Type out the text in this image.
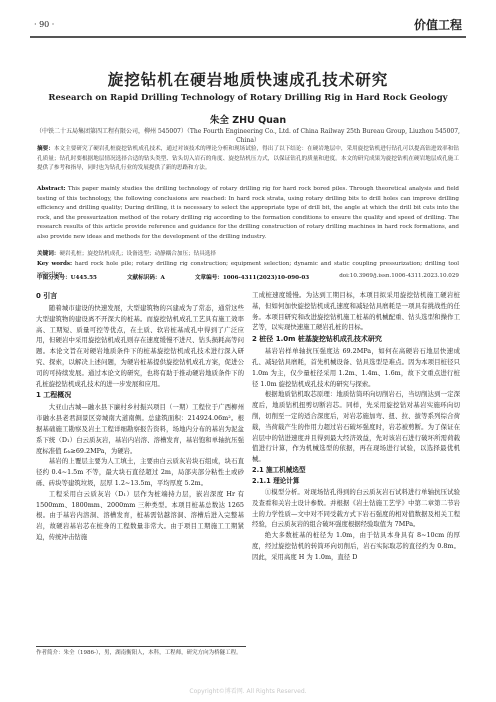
· 90 ·	价值工程
旋挖钻机在硬岩地质快速成孔技术研究
Research on Rapid Drilling Technology of Rotary Drilling Rig in Hard Rock Geology
朱全 ZHU Quan
（中铁二十五局集团第四工程有限公司，柳州 545007）（The Fourth Engineering Co., Ltd. of China Railway 25th Bureau Group, Liuzhou 545007, China）
摘要：本文主要研究了硬岩孔桩旋挖钻机成孔技术，通过对该技术的理论分析和现场试验，得出了以下结论：在硬岩地层中，采用旋挖钻机进行钻孔可以提高钻进效率和钻孔质量；钻孔时要根据地层情况选择合适的钻头类型、钻头切入岩石的角度、旋挖钻机压力式，以保证钻孔的质量和进度。本文的研究成果为旋挖钻机在硬岩地层成孔施工提供了参考和指导，同时也为钻孔行业的发展提供了新的思路和方法。
Abstract: This paper mainly studies the drilling technology of rotary drilling rig for hard rock bored piles. Through theoretical analysis and field testing of this technology, the following conclusions are reached: In hard rock strata, using rotary drilling bits to drill holes can improve drilling efficiency and drilling quality; During drilling, it is necessary to select the appropriate type of drill bit, the angle at which the drill bit cuts into the rock, and the pressurization method of the rotary drilling rig according to the formation conditions to ensure the quality and speed of drilling. The research results of this article provide reference and guidance for the drilling construction of rotary drilling machines in hard rock formations, and also provide new ideas and methods for the development of the drilling industry.
关键词：硬岩孔桩；旋挖钻机成孔；设备选型；动静耦合加压；钻具选择
Key words: hard rock hole pile; rotary drilling rig construction; equipment selection; dynamic and static coupling pressurization; drilling tool selection
中图分类号：U445.55	文献标识码：A	文章编号：1006-4311(2023)10-090-03	doi:10.3969/j.issn.1006-4311.2023.10.029
0 引言

随着城市建设的快速发展，大型建筑物的兴建成为了常态，通常这些大型建筑物的建设离不开深大的桩基。而旋挖钻机成孔工艺具有施工效率高、工期短、质量可控等优点，在土质、软岩桩基成孔中得到了广泛应用，但硬岩中采用旋挖钻机成孔则存在速度缓慢不进尺、钻头损耗高等问题。本论文旨在对硬岩地质条件下的桩基旋挖钻机成孔技术进行深入研究、探索，以解决上述问题，为硬岩桩基提供旋挖钻机成孔方案，促进公司的可持续发展。通过本论文的研究，也将有助于推动硬岩地质条件下的孔桩旋挖钻机成孔技术的进一步发展和应用。

1 工程概况

大亚山古城—融水县下廉村乡村振兴项目（一期）工程位于广西柳州市融水县老君洞景区旁城南大道南侧。总建筑面积：214924.06m²。根据基础施工勘察及岩土工程详细勘察报告资料，场地内分布的基岩为泥盆系下统（D₁）白云质灰岩，基岩内岩溶、溶槽发育，基岩饱和单轴抗压强度标准值 fᵣₖ≥69.2MPa，为硬岩。

基岩的上覆层主要为人工填土，主要由白云质灰岩块石组成，块石直径约 0.4~1.5m 不等，最大块石直径超过 2m，局部夹部分粘性土或砂砾、砖块等建筑垃圾，层厚 1.2~13.5m，平均厚度 5.2m。

工程采用白云质灰岩（D₁）层作为桩端持力层，嵌岩深度 Hr 有 1500mm、1800mm、2000mm 三种类型。本项目桩基总数达 1265 根。由于基岩内溶洞、溶槽发育，桩基需钻越溶洞、溶槽后进入完整基岩，故硬岩基岩芯在桩身的工程数量非常大。由于项目工期施工工期紧迫，传统冲击钻施

工成桩速度缓慢。为达到工期目标，本项目拟采用旋挖钻机施工硬岩桩基，但如何加快旋挖钻机成孔速度和减轻钻具磨耗是一项具有挑战性的任务。本项目研究和改进旋挖钻机施工桩基的机械配重、钻头选型和操作工艺等，以实现快速施工硬岩孔桩的目标。

2 桩径 1.0m 桩基旋挖钻机成孔技术研究

基岩岩样单轴抗压强度达 69.2MPa，如何在高硬岩石地层快速成孔、减轻钻具磨耗，首先机械设备、钻具选型是难点。因为本项目桩径只 1.0m 为主，仅少量桩径采用 1.2m、1.4m、1.6m，故下文重点进行桩径 1.0m 旋挖钻机成孔技术的研究与探索。

根据地质钻机取芯原理：地质钻筒环向切削岩石，当切削达到一定深度后，地质钻机扭剪切断岩芯。同样，先采用旋挖钻对基岩实施环向切削，切削至一定的适合深度后，对岩芯施加弯、扭、拉、拔等系列综合荷载，当荷载产生的作用力超过岩石破坏强度时，岩芯被剪断。为了保证在岩层中的钻进速度并且得到最大经济效益，先对该岩石进行破坏所需荷载值进行计算，作为机械选型的依据，再在现场进行试验，以选择最优机械。

2.1 施工机械选型
2.1.1 理论计算

①模型分析。对现场钻孔得到的白云质灰岩石试料进行单轴抗压试验及查看和关岩土设计参数。并根据《岩土钻施工艺学》中第二章第二节岩土的力学性质—文中对不同受载方式下岩石强度的相对值数据及相关工程经验，白云质灰岩的组合破坏强度根据经验取值为 7MPa。

绝大多数桩基的桩径为 1.0m，由于钻具本身具有 8~10cm 的厚度，经过旋挖钻机的转筒环向切削后，岩石实际取芯的直径约为 0.8m。因此，采用高度 H 为 1.0m，直径 D

作者简介：朱全（1986-），男，湖南衡阳人，本科，工程师，研究方向为桥隧工程。
Copyright©博看网. All Rights Reserved.
